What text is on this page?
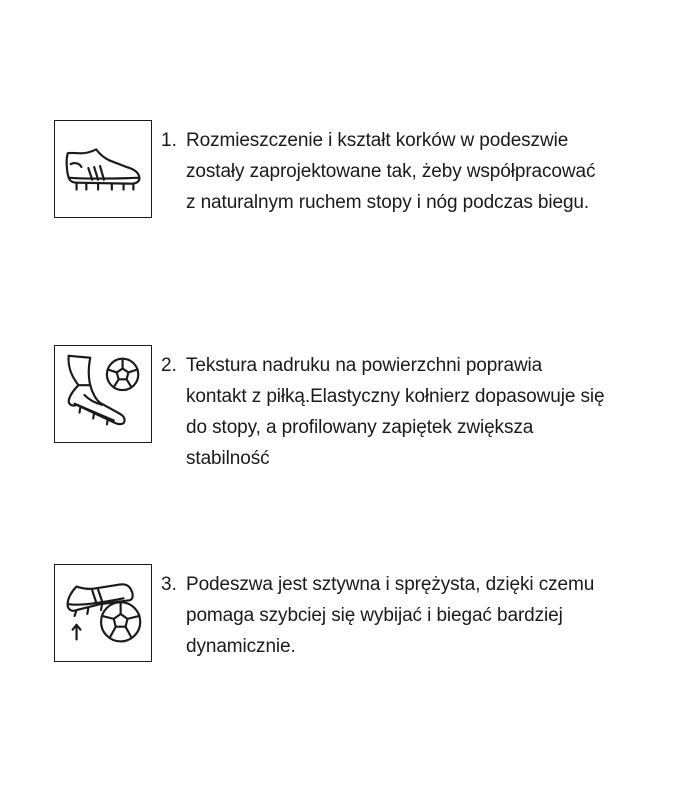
1. Rozmieszczenie i kształt korków w podeszwie zostały zaprojektowane tak, żeby współpracować z naturalnym ruchem stopy i nóg podczas biegu.
2. Tekstura nadruku na powierzchni poprawia kontakt z piłką.Elastyczny kołnierz dopasowuje się do stopy, a profilowany zapiętek zwiększa stabilność
3. Podeszwa jest sztywna i sprężysta, dzięki czemu pomaga szybciej się wybijać i biegać bardziej dynamicznie.
